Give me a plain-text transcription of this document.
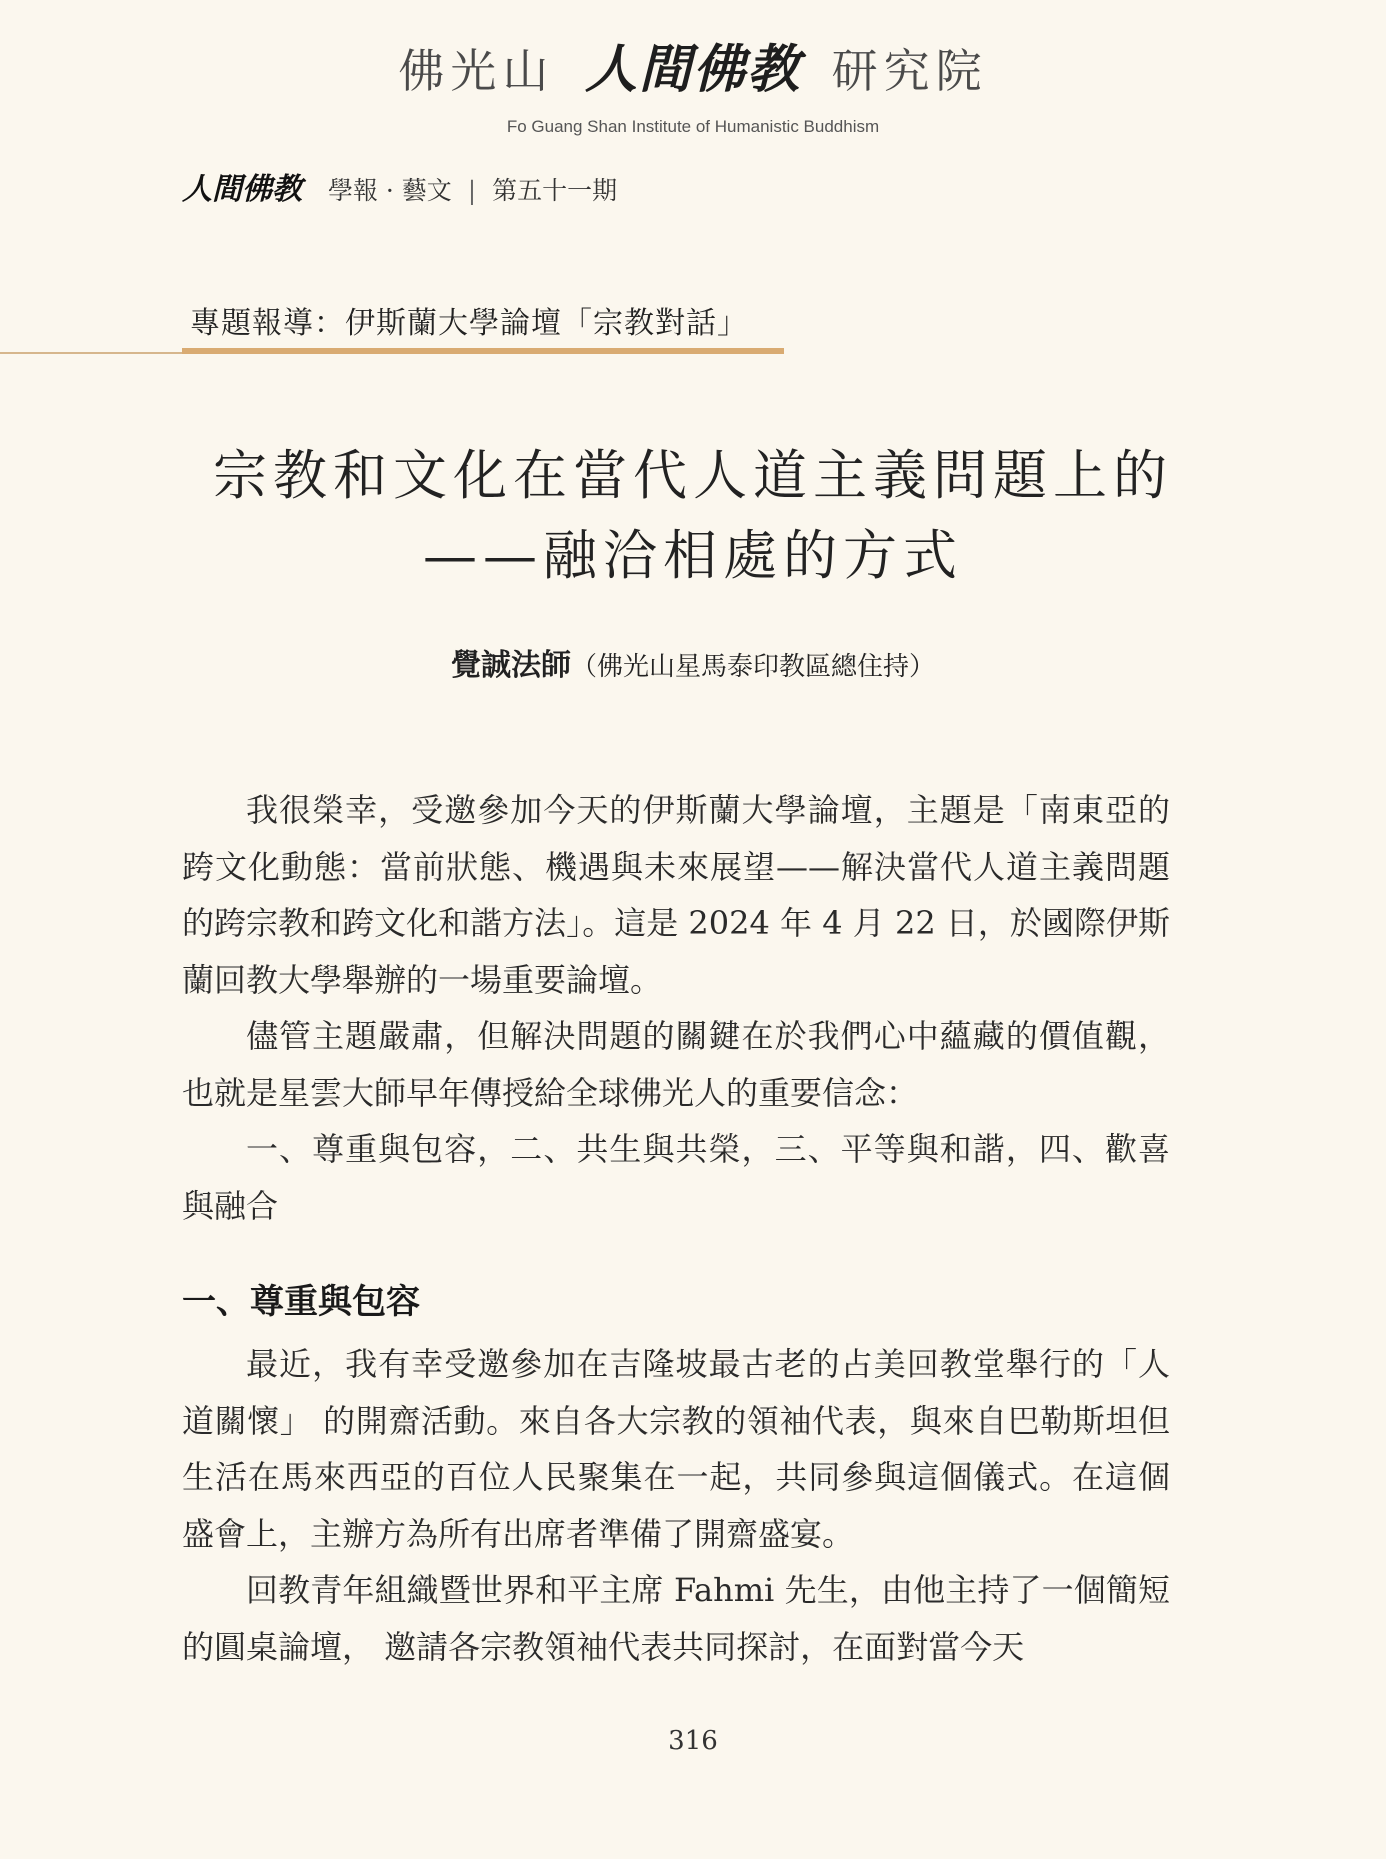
佛光山 人間佛教 研究院
Fo Guang Shan Institute of Humanistic Buddhism
人間佛教 學報 · 藝文 | 第五十一期
專題報導：伊斯蘭大學論壇「宗教對話」
宗教和文化在當代人道主義問題上的
——融洽相處的方式
覺誠法師（佛光山星馬泰印教區總住持）

我很榮幸，受邀參加今天的伊斯蘭大學論壇，主題是「南東亞的跨文化動態：當前狀態、機遇與未來展望——解決當代人道主義問題的跨宗教和跨文化和諧方法」。這是 2024 年 4 月 22 日，於國際伊斯蘭回教大學舉辦的一場重要論壇。

儘管主題嚴肅，但解決問題的關鍵在於我們心中蘊藏的價值觀，也就是星雲大師早年傳授給全球佛光人的重要信念：

一、尊重與包容，二、共生與共榮，三、平等與和諧，四、歡喜與融合

一、尊重與包容

最近，我有幸受邀參加在吉隆坡最古老的占美回教堂舉行的「人道關懷」 的開齋活動。來自各大宗教的領袖代表，與來自巴勒斯坦但生活在馬來西亞的百位人民聚集在一起，共同參與這個儀式。在這個盛會上，主辦方為所有出席者準備了開齋盛宴。

回教青年組織暨世界和平主席 Fahmi 先生，由他主持了一個簡短的圓桌論壇， 邀請各宗教領袖代表共同探討，在面對當今天

316
